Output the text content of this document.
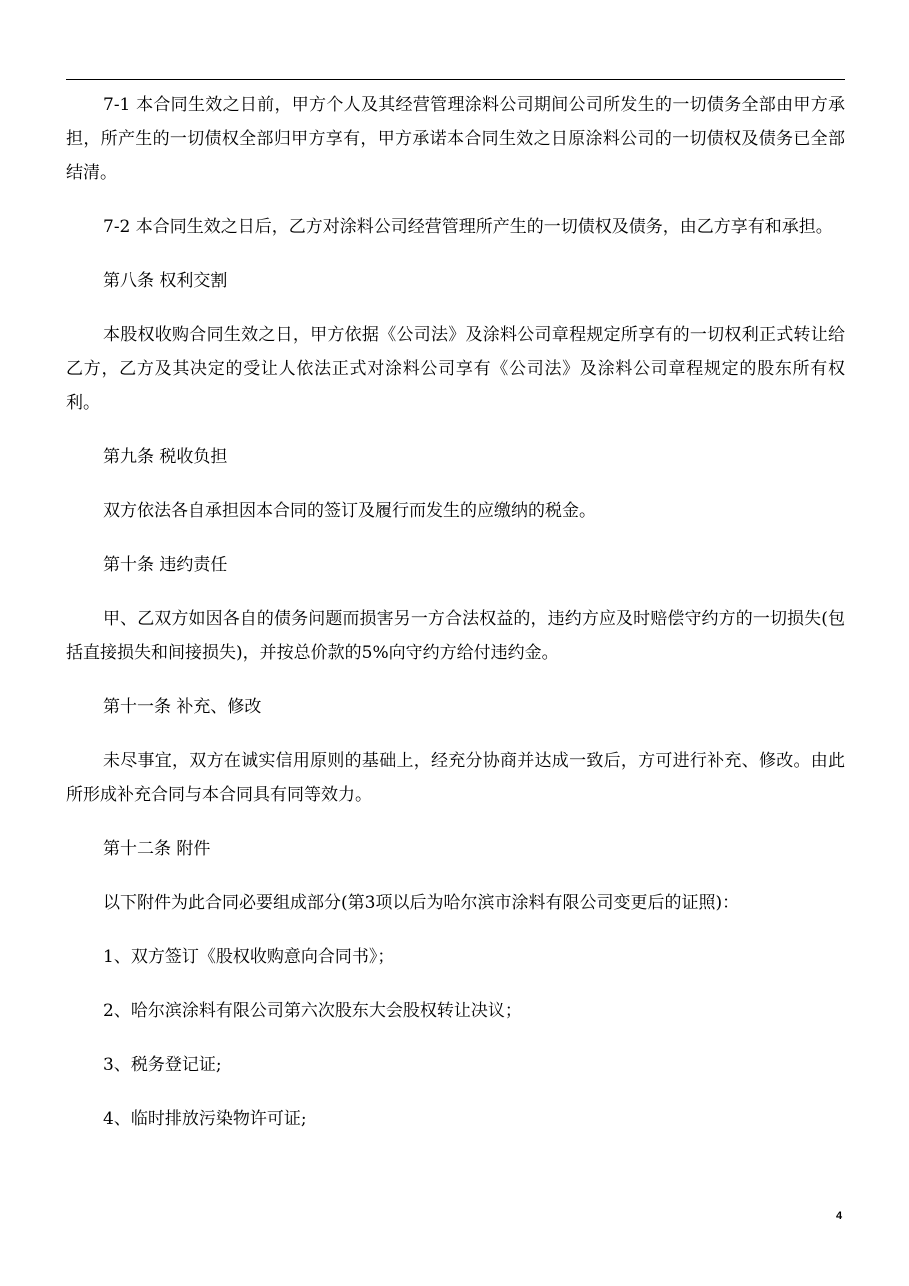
7-1 本合同生效之日前，甲方个人及其经营管理涂料公司期间公司所发生的一切债务全部由甲方承担，所产生的一切债权全部归甲方享有，甲方承诺本合同生效之日原涂料公司的一切债权及债务已全部结清。

7-2 本合同生效之日后，乙方对涂料公司经营管理所产生的一切债权及债务，由乙方享有和承担。

第八条 权利交割

本股权收购合同生效之日，甲方依据《公司法》及涂料公司章程规定所享有的一切权利正式转让给乙方，乙方及其决定的受让人依法正式对涂料公司享有《公司法》及涂料公司章程规定的股东所有权利。

第九条 税收负担

双方依法各自承担因本合同的签订及履行而发生的应缴纳的税金。

第十条 违约责任

甲、乙双方如因各自的债务问题而损害另一方合法权益的，违约方应及时赔偿守约方的一切损失(包括直接损失和间接损失)，并按总价款的5%向守约方给付违约金。

第十一条 补充、修改

未尽事宜，双方在诚实信用原则的基础上，经充分协商并达成一致后，方可进行补充、修改。由此所形成补充合同与本合同具有同等效力。

第十二条 附件

以下附件为此合同必要组成部分(第3项以后为哈尔滨市涂料有限公司变更后的证照)：

1、双方签订《股权收购意向合同书》；

2、哈尔滨涂料有限公司第六次股东大会股权转让决议；

3、税务登记证;

4、临时排放污染物许可证;

4
